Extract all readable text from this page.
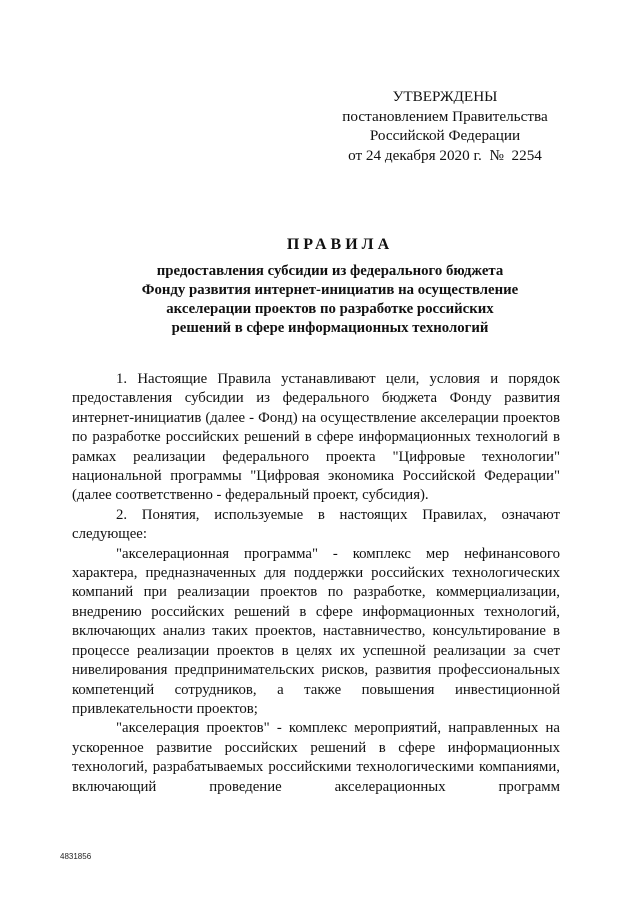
УТВЕРЖДЕНЫ
постановлением Правительства
Российской Федерации
от 24 декабря 2020 г.  №  2254
ПРАВИЛА
предоставления субсидии из федерального бюджета
Фонду развития интернет-инициатив на осуществление
акселерации проектов по разработке российских
решений в сфере информационных технологий

1. Настоящие Правила устанавливают цели, условия и порядок предоставления субсидии из федерального бюджета Фонду развития интернет-инициатив (далее - Фонд) на осуществление акселерации проектов по разработке российских решений в сфере информационных технологий в рамках реализации федерального проекта "Цифровые технологии" национальной программы "Цифровая экономика Российской Федерации" (далее соответственно - федеральный проект, субсидия).

2. Понятия, используемые в настоящих Правилах, означают следующее:

"акселерационная программа" - комплекс мер нефинансового характера, предназначенных для поддержки российских технологических компаний при реализации проектов по разработке, коммерциализации, внедрению российских решений в сфере информационных технологий, включающих анализ таких проектов, наставничество, консультирование в процессе реализации проектов в целях их успешной реализации за счет нивелирования предпринимательских рисков, развития профессиональных компетенций сотрудников, а также повышения инвестиционной привлекательности проектов;

"акселерация проектов" - комплекс мероприятий, направленных на ускоренное развитие российских решений в сфере информационных технологий, разрабатываемых российскими технологическими компаниями, включающий проведение акселерационных программ

4831856
